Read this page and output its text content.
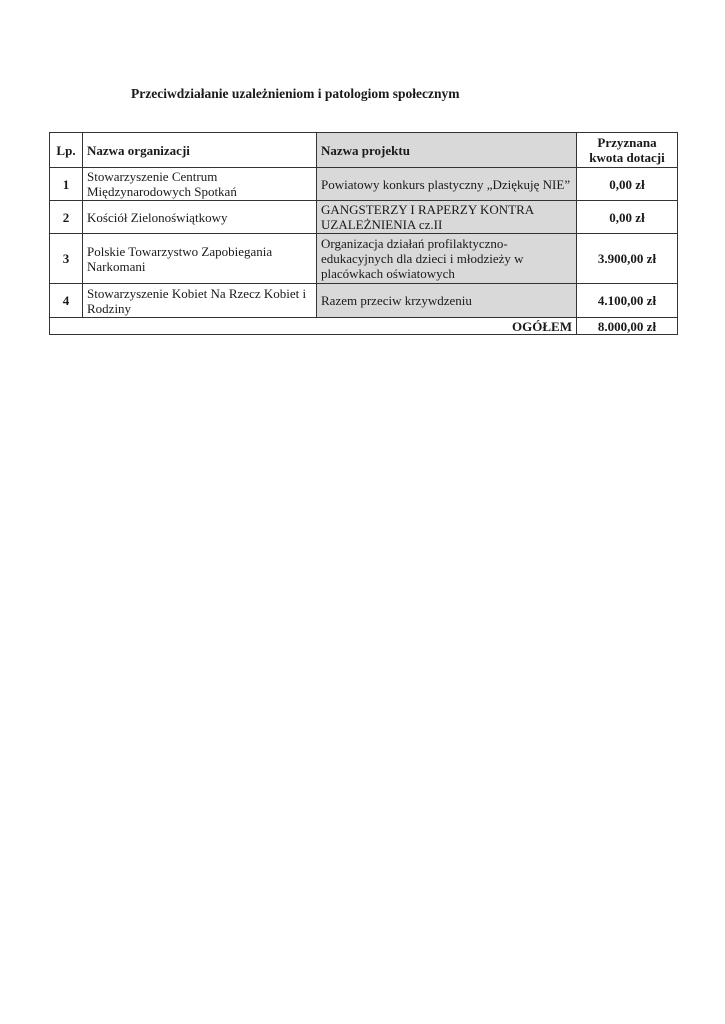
Przeciwdziałanie uzależnieniom i patologiom społecznym
Lp.	Nazwa organizacji	Nazwa projektu	Przyznana
kwota dotacji
1	Stowarzyszenie Centrum Międzynarodowych Spotkań	Powiatowy konkurs plastyczny „Dziękuję NIE”	0,00 zł
2	Kościół Zielonoświątkowy	GANGSTERZY I RAPERZY KONTRA UZALEŻNIENIA cz.II	0,00 zł
3	Polskie Towarzystwo Zapobiegania Narkomani	Organizacja działań profilaktyczno-edukacyjnych dla dzieci i młodzieży w placówkach oświatowych	3.900,00 zł
4	Stowarzyszenie Kobiet Na Rzecz Kobiet i Rodziny	Razem przeciw krzywdzeniu	4.100,00 zł
OGÓŁEM			8.000,00 zł
